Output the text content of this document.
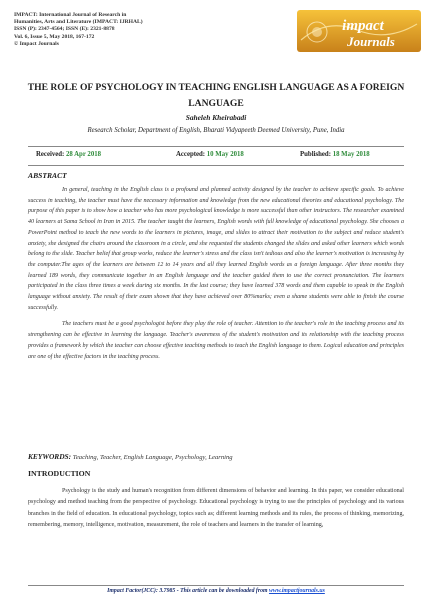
IMPACT: International Journal of Research in
Humanities, Arts and Literature (IMPACT: IJRHAL)
ISSN (P): 2347-4564; ISSN (E): 2321-8878
Vol. 6, Issue 5, May 2018, 167-172
© Impact Journals
impact
Journals
THE ROLE OF PSYCHOLOGY IN TEACHING ENGLISH LANGUAGE AS A FOREIGN LANGUAGE
Saheleh Kheirabadi
Research Scholar, Department of English, Bharati Vidyapeeth Deemed University, Pune, India
Received: 28 Apr 2018	Accepted: 10 May 2018	Published: 18 May 2018
ABSTRACT

In general, teaching in the English class is a profound and planned activity designed by the teacher to achieve specific goals. To achieve success in teaching, the teacher must have the necessary information and knowledge from the new educational theories and educational psychology. The purpose of this paper is to show how a teacher who has more psychological knowledge is more successful than other instructors. The researcher examined 40 learners at Sama School in Iran in 2015. The teacher taught the learners, English words with full knowledge of educational psychology. She chooses a PowerPoint method to teach the new words to the learners in pictures, image, and slides to attract their motivation to the subject and reduce student's anxiety, she designed the chairs around the classroom in a circle, and she requested the students changed the slides and asked other learners which words belong to the slide. Teacher belief that group works, reduce the learner's stress and the class isn't tedious and also the learner's motivation is increasing by the computer.The ages of the learners are between 12 to 14 years and all they learned English words as a foreign language. After three months they learned 189 words, they communicate together in an English language and the teacher guided them to use the correct pronunciation. The learners participated in the class three times a week during six months. In the last course; they have learned 378 words and them capable to speak in the English language without anxiety. The result of their exam shown that they have achieved over 80%marks; even a shame students were able to finish the course successfully.

The teachers must be a good psychologist before they play the role of teacher. Attention to the teacher's role in the teaching process and its strengthening can be effective in learning the language. Teacher's awareness of the student's motivation and its relationship with the teaching process provides a framework by which the teacher can choose effective teaching methods to teach the English language to them. Logical education and principles are one of the effective factors in the teaching process.

KEYWORDS: Teaching, Teacher, English Language, Psychology, Learning
INTRODUCTION

Psychology is the study and human's recognition from different dimensions of behavior and learning. In this paper, we consider educational psychology and method teaching from the perspective of psychology. Educational psychology is trying to use the principles of psychology and its various branches in the field of education. In educational psychology, topics such as; different learning methods and its rules, the process of thinking, memorizing, remembering, memory, intelligence, motivation, measurement, the role of teachers and learners in the transfer of learning,

Impact Factor(JCC): 3.7985 - This article can be downloaded from www.impactjournals.us
